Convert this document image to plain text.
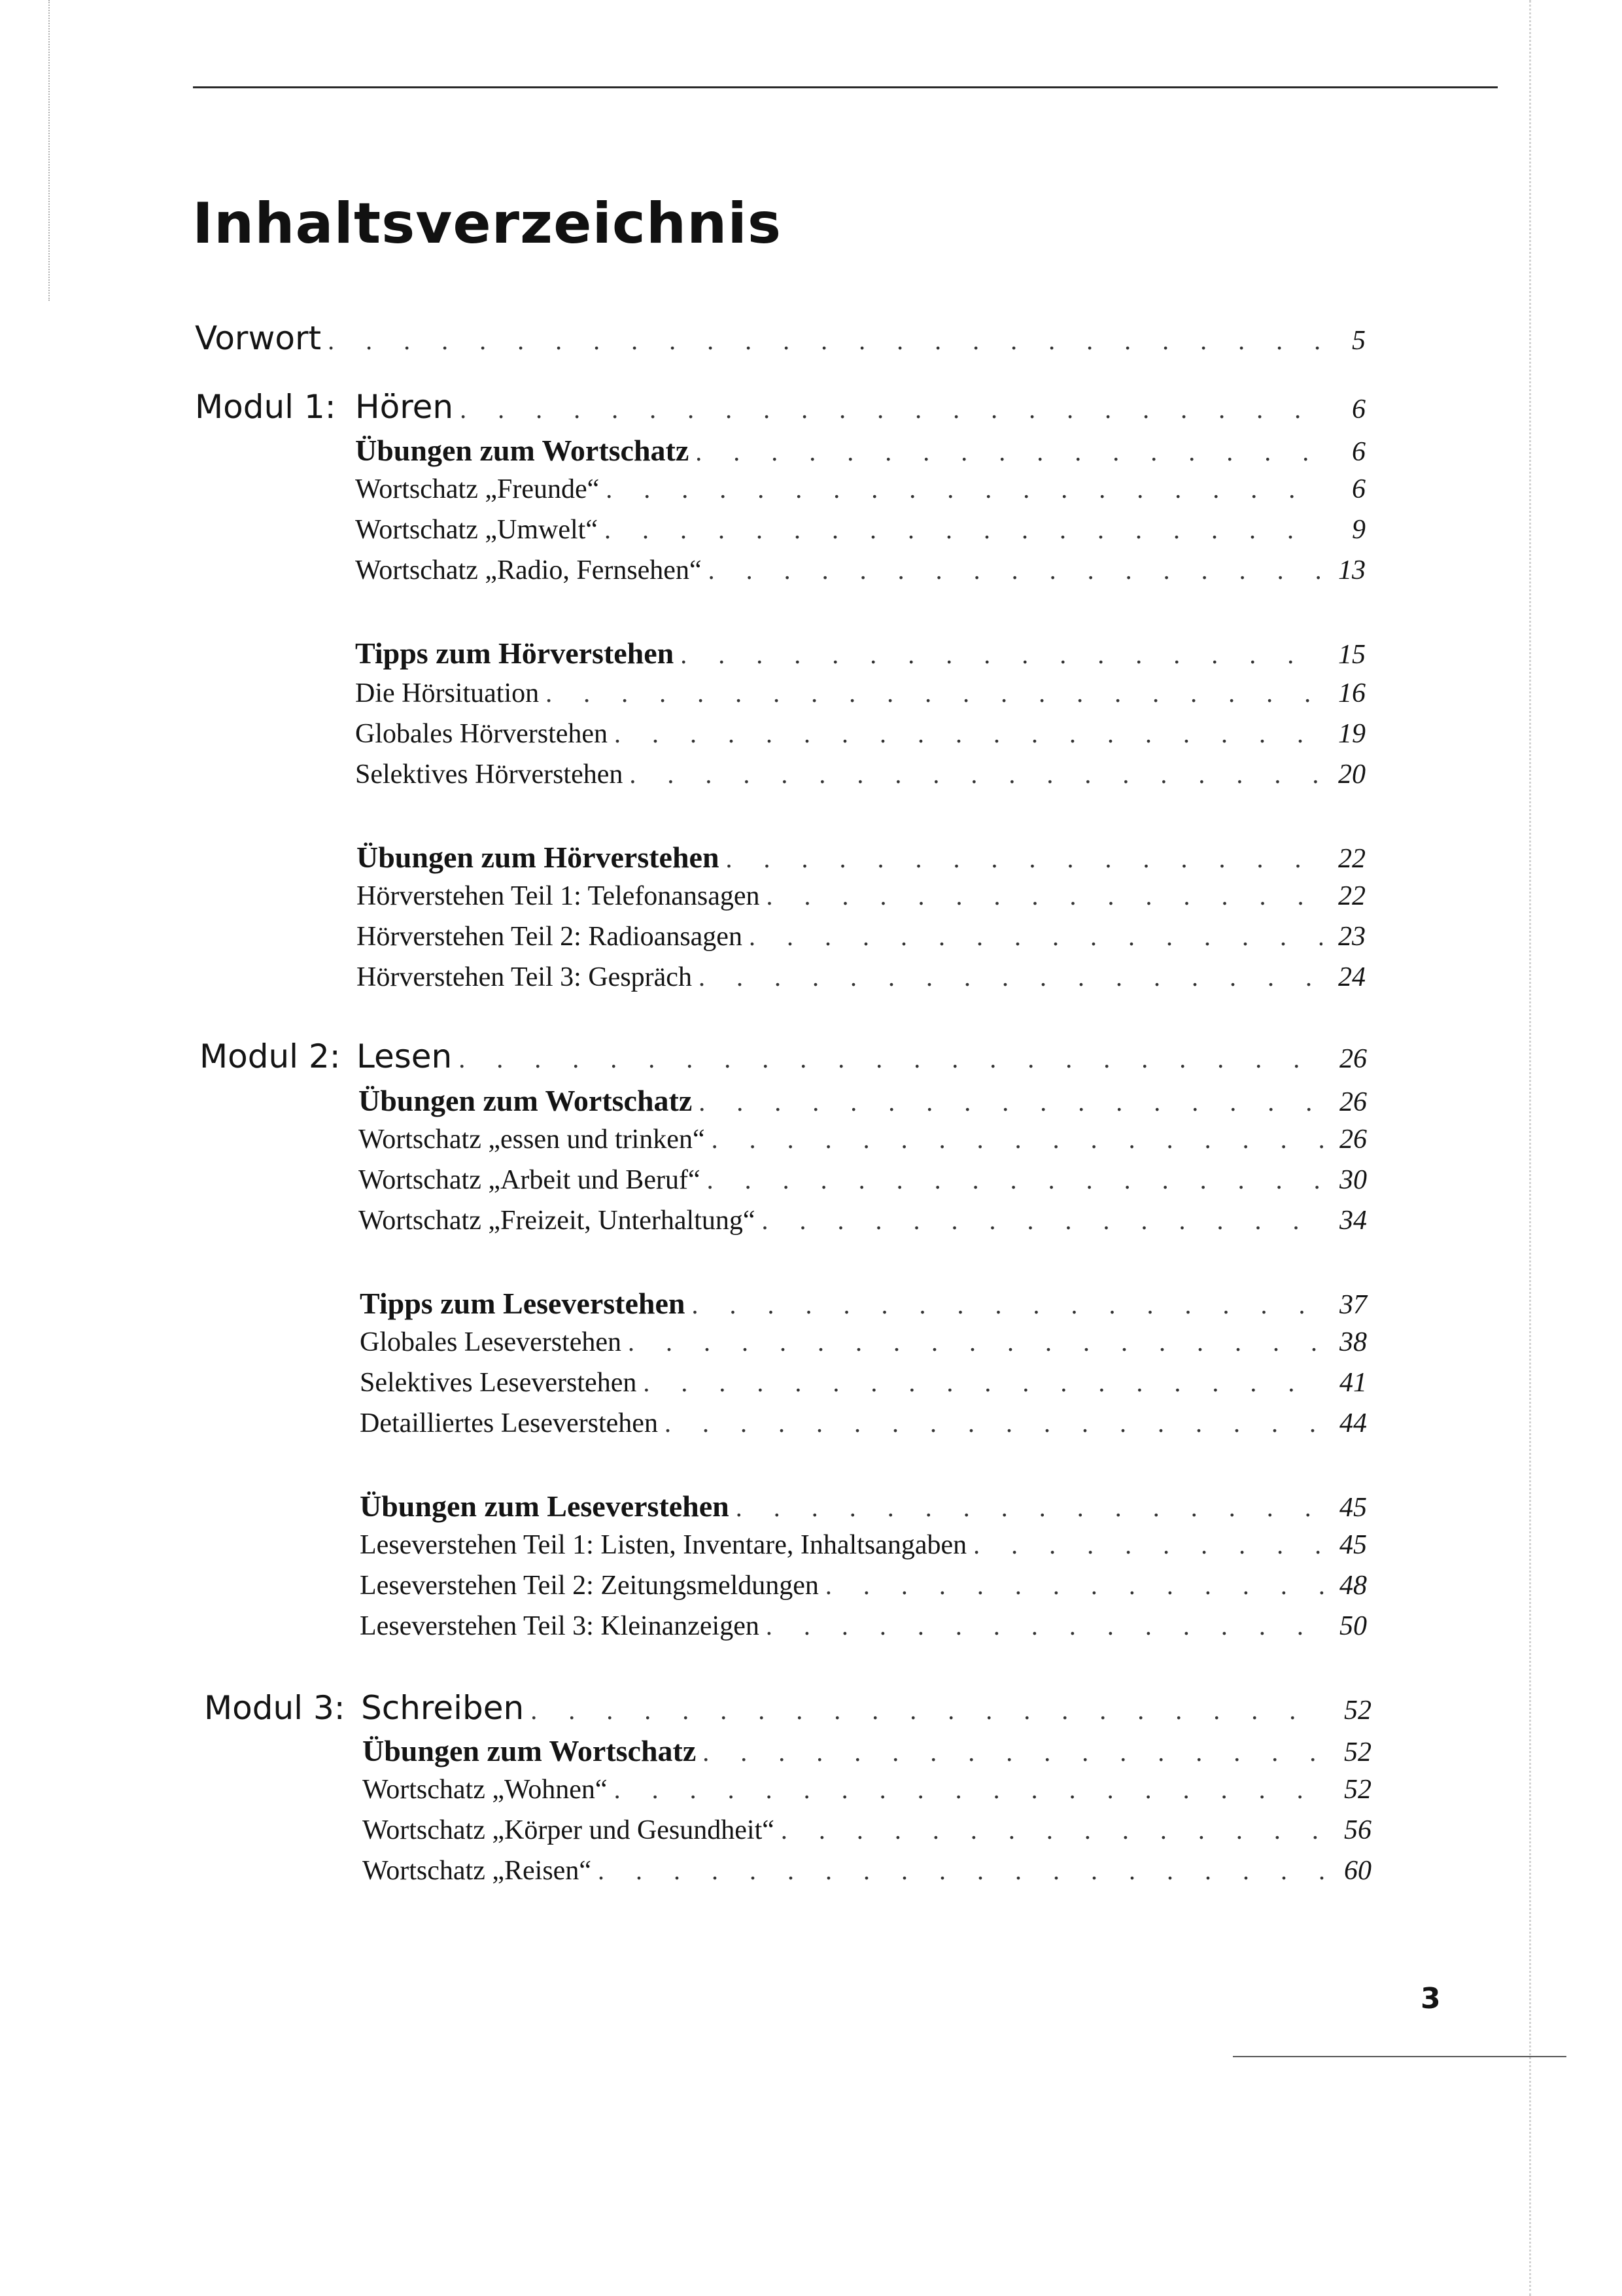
Inhaltsverzeichnis
Vorwort . . .	5
Modul 1: Hören . . .	6
Übungen zum Wortschatz . . .	6
Wortschatz „Freunde“ . . .	6
Wortschatz „Umwelt“ . . .	9
Wortschatz „Radio, Fernsehen“ . . .	13
Tipps zum Hörverstehen . . .	15
Die Hörsituation . . .	16
Globales Hörverstehen . . .	19
Selektives Hörverstehen . . .	20
Übungen zum Hörverstehen . . .	22
Hörverstehen Teil 1: Telefonansagen . . .	22
Hörverstehen Teil 2: Radioansagen . . .	23
Hörverstehen Teil 3: Gespräch . . .	24
Modul 2: Lesen . . .	26
Übungen zum Wortschatz . . .	26
Wortschatz „essen und trinken“ . . .	26
Wortschatz „Arbeit und Beruf“ . . .	30
Wortschatz „Freizeit, Unterhaltung“ . . .	34
Tipps zum Leseverstehen . . .	37
Globales Leseverstehen . . .	38
Selektives Leseverstehen . . .	41
Detailliertes Leseverstehen . . .	44
Übungen zum Leseverstehen . . .	45
Leseverstehen Teil 1: Listen, Inventare, Inhaltsangaben . . .	45
Leseverstehen Teil 2: Zeitungsmeldungen . . .	48
Leseverstehen Teil 3: Kleinanzeigen . . .	50
Modul 3: Schreiben . . .	52
Übungen zum Wortschatz . . .	52
Wortschatz „Wohnen“ . . .	52
Wortschatz „Körper und Gesundheit“ . . .	56
Wortschatz „Reisen“ . . .	60
3
